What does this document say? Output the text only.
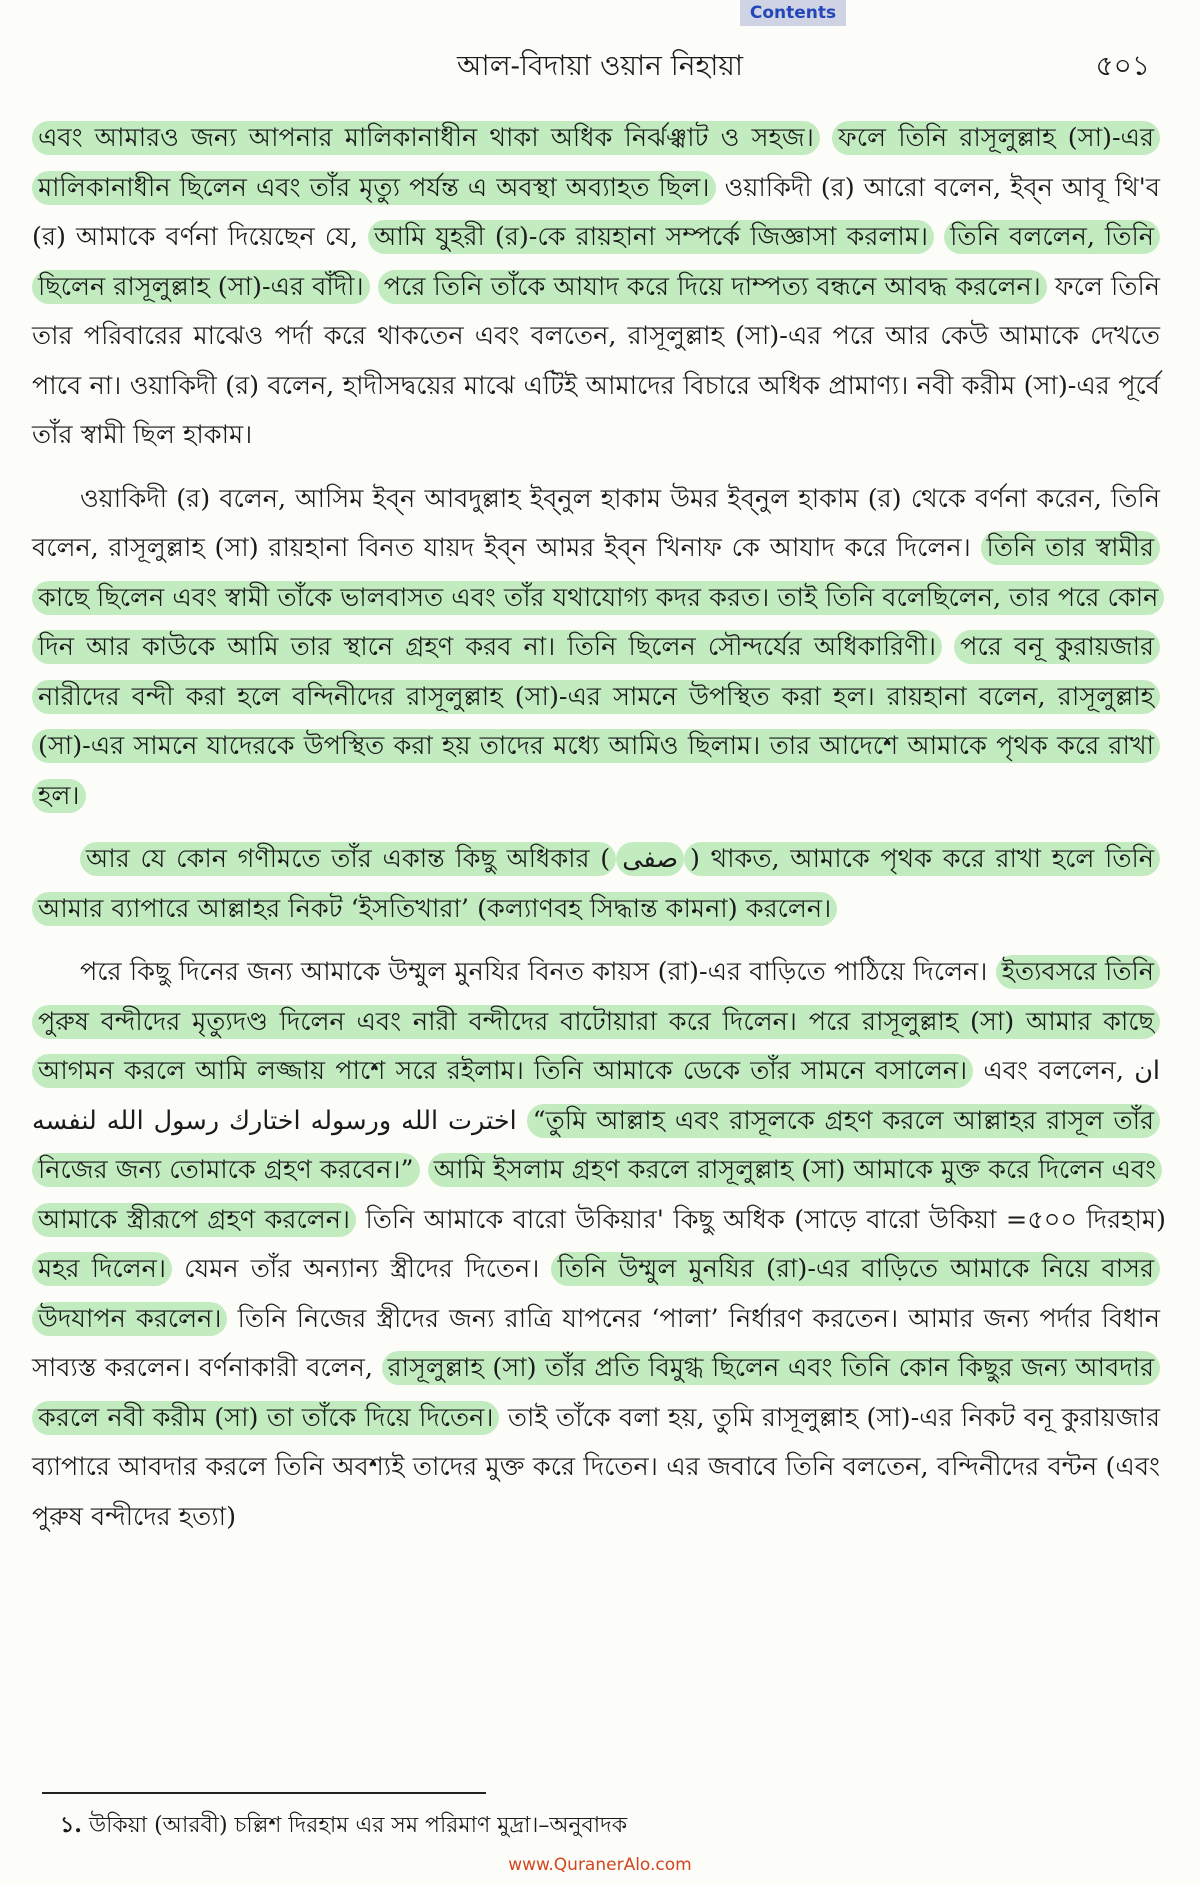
Contents
আল-বিদায়া ওয়ান নিহায়া	৫০১

এবং আমারও জন্য আপনার মালিকানাধীন থাকা অধিক নির্ঝঞ্ঝাট ও সহজ। ফলে তিনি রাসূলুল্লাহ (সা)-এর মালিকানাধীন ছিলেন এবং তাঁর মৃত্যু পর্যন্ত এ অবস্থা অব্যাহত ছিল। ওয়াকিদী (র) আরো বলেন, ইব্ন আবূ থি'ব (র) আমাকে বর্ণনা দিয়েছেন যে, আমি যুহরী (র)-কে রায়হানা সম্পর্কে জিজ্ঞাসা করলাম। তিনি বললেন, তিনি ছিলেন রাসূলুল্লাহ (সা)-এর বাঁদী। পরে তিনি তাঁকে আযাদ করে দিয়ে দাম্পত্য বন্ধনে আবদ্ধ করলেন। ফলে তিনি তার পরিবারের মাঝেও পর্দা করে থাকতেন এবং বলতেন, রাসূলুল্লাহ (সা)-এর পরে আর কেউ আমাকে দেখতে পাবে না। ওয়াকিদী (র) বলেন, হাদীসদ্বয়ের মাঝে এটিই আমাদের বিচারে অধিক প্রামাণ্য। নবী করীম (সা)-এর পূর্বে তাঁর স্বামী ছিল হাকাম।

ওয়াকিদী (র) বলেন, আসিম ইব্ন আবদুল্লাহ ইব্নুল হাকাম উমর ইব্নুল হাকাম (র) থেকে বর্ণনা করেন, তিনি বলেন, রাসূলুল্লাহ (সা) রায়হানা বিনত যায়দ ইব্ন আমর ইব্ন খিনাফ কে আযাদ করে দিলেন। তিনি তার স্বামীর কাছে ছিলেন এবং স্বামী তাঁকে ভালবাসত এবং তাঁর যথাযোগ্য কদর করত। তাই তিনি বলেছিলেন, তার পরে কোন দিন আর কাউকে আমি তার স্থানে গ্রহণ করব না। তিনি ছিলেন সৌন্দর্যের অধিকারিণী। পরে বনূ কুরায়জার নারীদের বন্দী করা হলে বন্দিনীদের রাসূলুল্লাহ (সা)-এর সামনে উপস্থিত করা হল। রায়হানা বলেন, রাসূলুল্লাহ (সা)-এর সামনে যাদেরকে উপস্থিত করা হয় তাদের মধ্যে আমিও ছিলাম। তার আদেশে আমাকে পৃথক করে রাখা হল।

আর যে কোন গণীমতে তাঁর একান্ত কিছু অধিকার ( صفى ) থাকত, আমাকে পৃথক করে রাখা হলে তিনি আমার ব্যাপারে আল্লাহর নিকট ‘ইসতিখারা’ (কল্যাণবহ সিদ্ধান্ত কামনা) করলেন।

পরে কিছু দিনের জন্য আমাকে উম্মুল মুনযির বিনত কায়স (রা)-এর বাড়িতে পাঠিয়ে দিলেন। ইত্যবসরে তিনি পুরুষ বন্দীদের মৃত্যুদণ্ড দিলেন এবং নারী বন্দীদের বাটোয়ারা করে দিলেন। পরে রাসূলুল্লাহ (সা) আমার কাছে আগমন করলে আমি লজ্জায় পাশে সরে রইলাম। তিনি আমাকে ডেকে তাঁর সামনে বসালেন। এবং বললেন, ان اخترت الله ورسوله اختارك رسول الله لنفسه “তুমি আল্লাহ এবং রাসূলকে গ্রহণ করলে আল্লাহর রাসূল তাঁর নিজের জন্য তোমাকে গ্রহণ করবেন।” আমি ইসলাম গ্রহণ করলে রাসূলুল্লাহ (সা) আমাকে মুক্ত করে দিলেন এবং আমাকে স্ত্রীরূপে গ্রহণ করলেন। তিনি আমাকে বারো উকিয়ার' কিছু অধিক (সাড়ে বারো উকিয়া =৫০০ দিরহাম) মহর দিলেন। যেমন তাঁর অন্যান্য স্ত্রীদের দিতেন। তিনি উম্মুল মুনযির (রা)-এর বাড়িতে আমাকে নিয়ে বাসর উদযাপন করলেন। তিনি নিজের স্ত্রীদের জন্য রাত্রি যাপনের ‘পালা’ নির্ধারণ করতেন। আমার জন্য পর্দার বিধান সাব্যস্ত করলেন। বর্ণনাকারী বলেন, রাসূলুল্লাহ (সা) তাঁর প্রতি বিমুগ্ধ ছিলেন এবং তিনি কোন কিছুর জন্য আবদার করলে নবী করীম (সা) তা তাঁকে দিয়ে দিতেন। তাই তাঁকে বলা হয়, তুমি রাসূলুল্লাহ (সা)-এর নিকট বনূ কুরায়জার ব্যাপারে আবদার করলে তিনি অবশ্যই তাদের মুক্ত করে দিতেন। এর জবাবে তিনি বলতেন, বন্দিনীদের বন্টন (এবং পুরুষ বন্দীদের হত্যা)

১. উকিয়া (আরবী) চল্লিশ দিরহাম এর সম পরিমাণ মুদ্রা।–অনুবাদক
www.QuranerAlo.com
